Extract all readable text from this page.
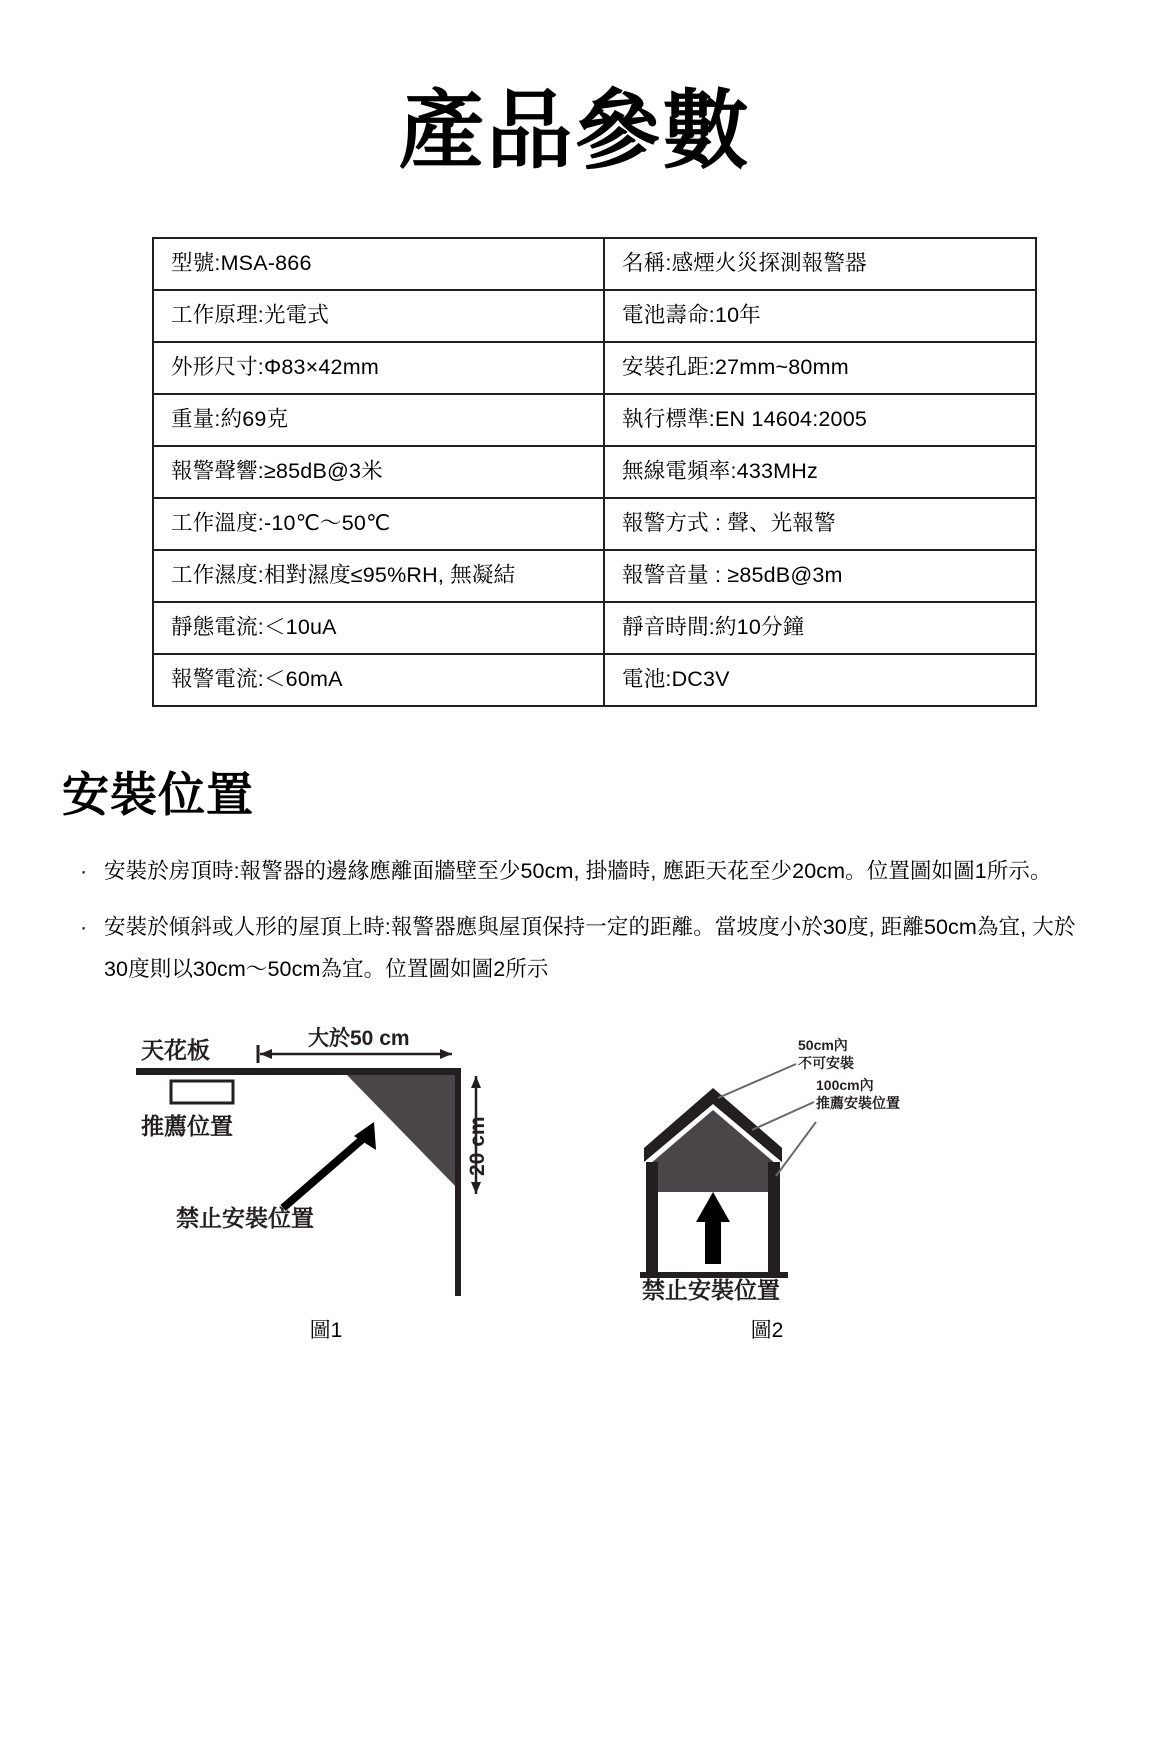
產品參數
型號:MSA-866	名稱:感煙火災探測報警器
工作原理:光電式	電池壽命:10年
外形尺寸:Φ83×42mm	安裝孔距:27mm~80mm
重量:約69克	執行標準:EN 14604:2005
報警聲響:≥85dB@3米	無線電頻率:433MHz
工作溫度:-10℃～50℃	報警方式 : 聲、光報警
工作濕度:相對濕度≤95%RH, 無凝結	報警音量 : ≥85dB@3m
靜態電流:＜10uA	靜音時間:約10分鐘
報警電流:＜60mA	電池:DC3V
安裝位置
· 安裝於房頂時:報警器的邊緣應離面牆壁至少50cm, 掛牆時, 應距天花至少20cm。位置圖如圖1所示。
· 安裝於傾斜或人形的屋頂上時:報警器應與屋頂保持一定的距離。當坡度小於30度, 距離50cm為宜, 大於30度則以30cm～50cm為宜。位置圖如圖2所示
天花板	大於50 cm
推薦位置
禁止安裝位置
20 cm
圖1
50cm內
不可安裝
100cm內
推薦安裝位置
禁止安裝位置
圖2
